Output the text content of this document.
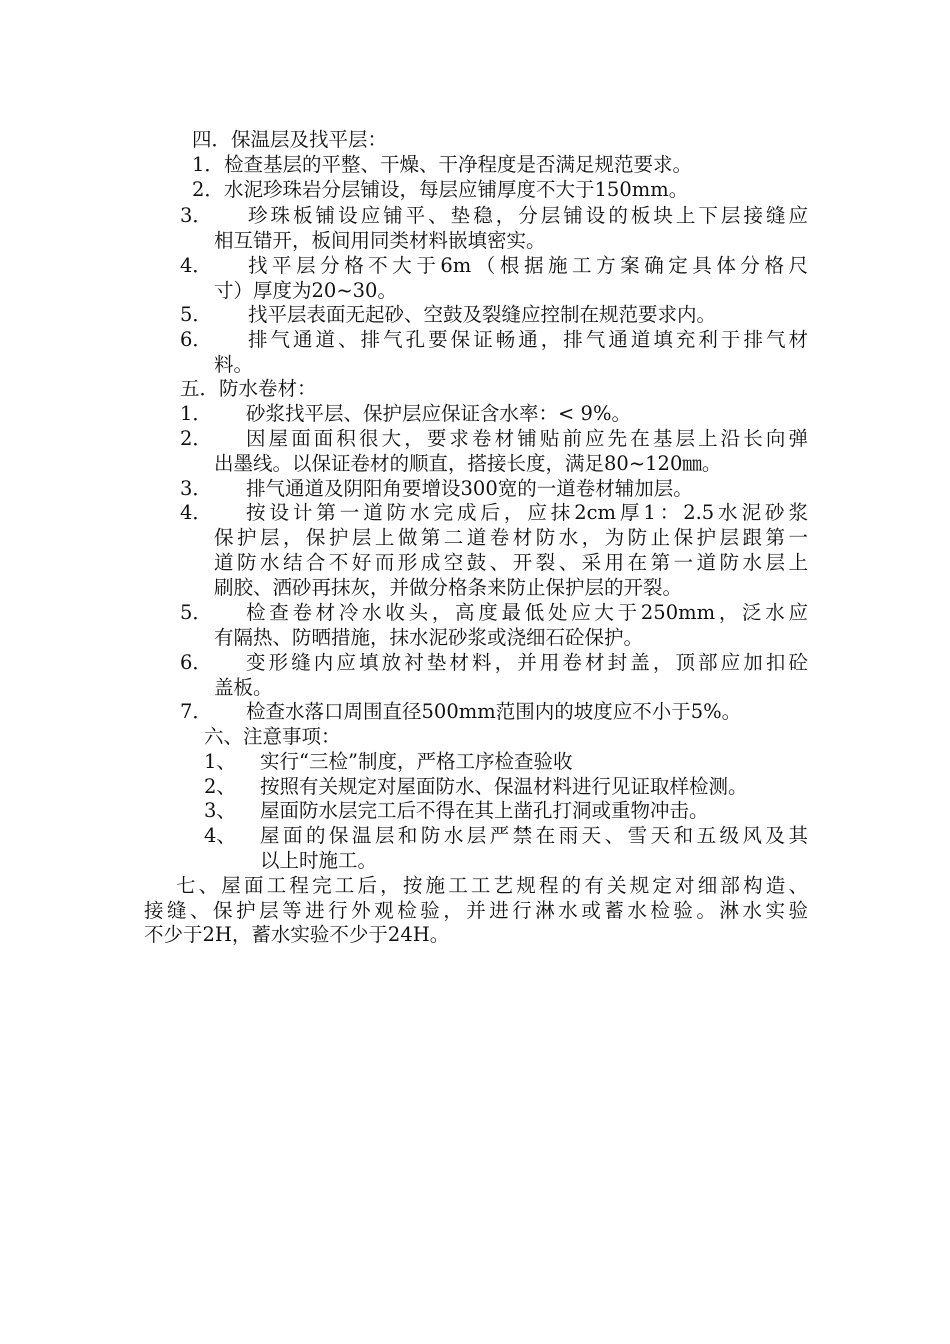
四．保温层及找平层：
1． 检查基层的平整、干燥、干净程度是否满足规范要求。
2． 水泥珍珠岩分层铺设，每层应铺厚度不大于150mm。
3． 珍珠板铺设应铺平、垫稳，分层铺设的板块上下层接缝应
相互错开，板间用同类材料嵌填密实。
4． 找平层分格不大于6m（根据施工方案确定具体分格尺
寸）厚度为20~30。
5． 找平层表面无起砂、空鼓及裂缝应控制在规范要求内。
6． 排气通道、排气孔要保证畅通，排气通道填充利于排气材
料。
五．防水卷材：
1． 砂浆找平层、保护层应保证含水率：< 9%。
2． 因屋面面积很大，要求卷材铺贴前应先在基层上沿长向弹
出墨线。以保证卷材的顺直，搭接长度，满足80~120㎜。
3． 排气通道及阴阳角要增设300宽的一道卷材辅加层。
4． 按设计第一道防水完成后，应抹2cm厚1：2.5水泥砂浆
保护层，保护层上做第二道卷材防水，为防止保护层跟第一
道防水结合不好而形成空鼓、开裂、采用在第一道防水层上
刷胶、洒砂再抹灰，并做分格条来防止保护层的开裂。
5． 检查卷材冷水收头，高度最低处应大于250mm，泛水应
有隔热、防晒措施，抹水泥砂浆或浇细石砼保护。
6． 变形缝内应填放衬垫材料，并用卷材封盖，顶部应加扣砼
盖板。
7． 检查水落口周围直径500mm范围内的坡度应不小于5%。
六、注意事项：
1、 实行“三检”制度，严格工序检查验收
2、 按照有关规定对屋面防水、保温材料进行见证取样检测。
3、 屋面防水层完工后不得在其上凿孔打洞或重物冲击。
4、 屋面的保温层和防水层严禁在雨天、雪天和五级风及其
以上时施工。
七、屋面工程完工后，按施工工艺规程的有关规定对细部构造、
接缝、保护层等进行外观检验，并进行淋水或蓄水检验。淋水实验
不少于2H，蓄水实验不少于24H。
